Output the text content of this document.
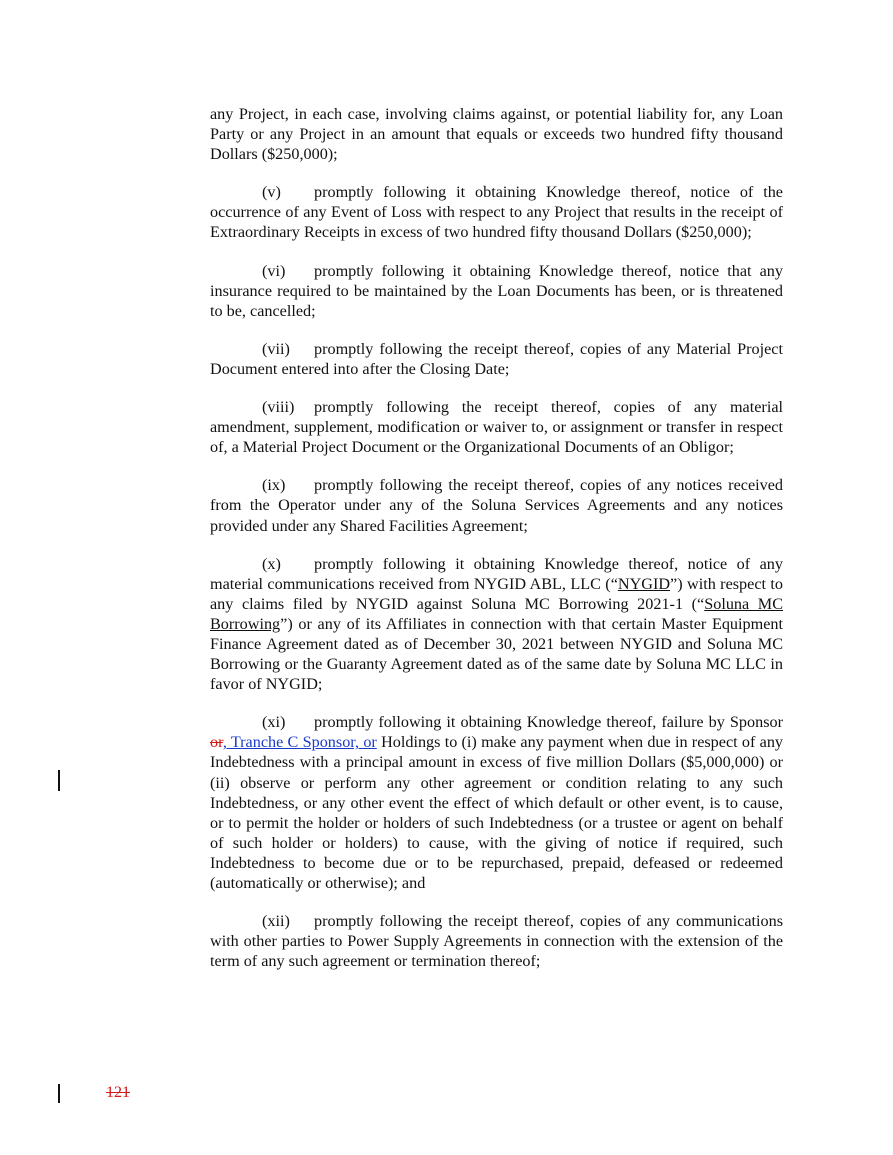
any Project, in each case, involving claims against, or potential liability for, any Loan Party or any Project in an amount that equals or exceeds two hundred fifty thousand Dollars ($250,000);

(v) promptly following it obtaining Knowledge thereof, notice of the occurrence of any Event of Loss with respect to any Project that results in the receipt of Extraordinary Receipts in excess of two hundred fifty thousand Dollars ($250,000);

(vi) promptly following it obtaining Knowledge thereof, notice that any insurance required to be maintained by the Loan Documents has been, or is threatened to be, cancelled;

(vii) promptly following the receipt thereof, copies of any Material Project Document entered into after the Closing Date;

(viii) promptly following the receipt thereof, copies of any material amendment, supplement, modification or waiver to, or assignment or transfer in respect of, a Material Project Document or the Organizational Documents of an Obligor;

(ix) promptly following the receipt thereof, copies of any notices received from the Operator under any of the Soluna Services Agreements and any notices provided under any Shared Facilities Agreement;

(x) promptly following it obtaining Knowledge thereof, notice of any material communications received from NYGID ABL, LLC (“NYGID”) with respect to any claims filed by NYGID against Soluna MC Borrowing 2021-1 (“Soluna MC Borrowing”) or any of its Affiliates in connection with that certain Master Equipment Finance Agreement dated as of December 30, 2021 between NYGID and Soluna MC Borrowing or the Guaranty Agreement dated as of the same date by Soluna MC LLC in favor of NYGID;

(xi) promptly following it obtaining Knowledge thereof, failure by Sponsor or, Tranche C Sponsor, or Holdings to (i) make any payment when due in respect of any Indebtedness with a principal amount in excess of five million Dollars ($5,000,000) or (ii) observe or perform any other agreement or condition relating to any such Indebtedness, or any other event the effect of which default or other event, is to cause, or to permit the holder or holders of such Indebtedness (or a trustee or agent on behalf of such holder or holders) to cause, with the giving of notice if required, such Indebtedness to become due or to be repurchased, prepaid, defeased or redeemed (automatically or otherwise); and

(xii) promptly following the receipt thereof, copies of any communications with other parties to Power Supply Agreements in connection with the extension of the term of any such agreement or termination thereof;

121
